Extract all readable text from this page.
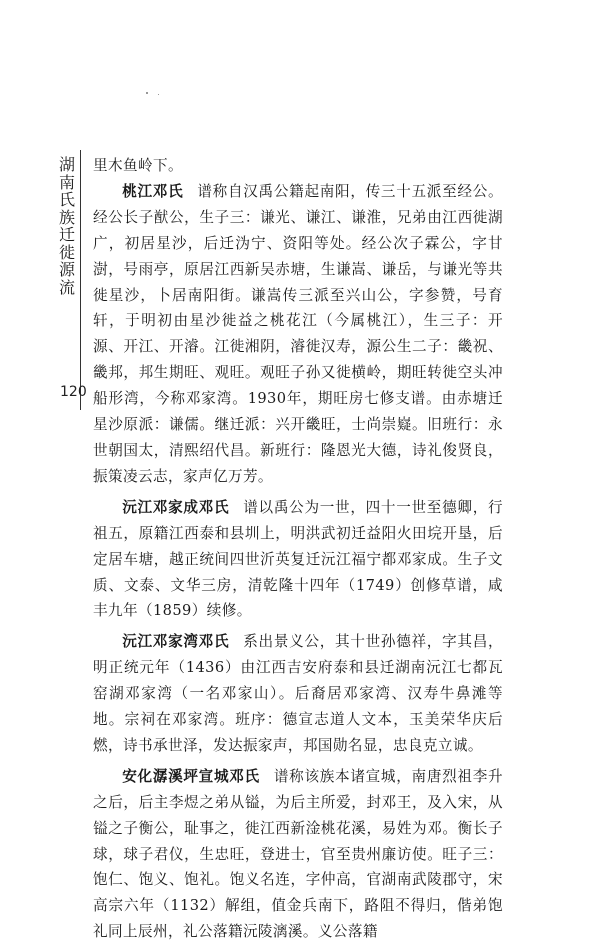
湖
南
氏
族
迁
徙
源
流
120

里木鱼岭下。

桃江邓氏 谱称自汉禹公籍起南阳，传三十五派至经公。经公长子猷公，生子三：谦光、谦江、谦淮，兄弟由江西徙湖广，初居星沙，后迁沩宁、资阳等处。经公次子霖公，字甘澍，号雨亭，原居江西新吴赤塘，生谦嵩、谦岳，与谦光等共徙星沙，卜居南阳街。谦嵩传三派至兴山公，字参赞，号育轩，于明初由星沙徙益之桃花江（今属桃江），生三子：开源、开江、开濬。江徙湘阴，濬徙汉寿，源公生二子：畿祝、畿邦，邦生期旺、观旺。观旺子孙又徙横岭，期旺转徙空头冲船形湾，今称邓家湾。1930年，期旺房七修支谱。由赤塘迁星沙原派：谦儒。继迁派：兴开畿旺，士尚崇嶷。旧班行：永世朝国太，清熙绍代昌。新班行：隆恩光大德，诗礼俊贤良，振策凌云志，家声亿万芳。

沅江邓家成邓氏 谱以禹公为一世，四十一世至德卿，行祖五，原籍江西泰和县圳上，明洪武初迁益阳火田垸开垦，后定居车塘，越正统间四世沂英复迁沅江福宁都邓家成。生子文质、文泰、文华三房，清乾隆十四年（1749）创修草谱，咸丰九年（1859）续修。

沅江邓家湾邓氏 系出景义公，其十世孙德祥，字其昌，明正统元年（1436）由江西吉安府泰和县迁湖南沅江七都瓦窑湖邓家湾（一名邓家山）。后裔居邓家湾、汉寿牛鼻滩等地。宗祠在邓家湾。班序：德宣志道人文本，玉美荣华庆后燃，诗书承世泽，发达振家声，邦国勋名显，忠良克立诚。

安化潺溪坪宣城邓氏 谱称该族本诸宣城，南唐烈祖李升之后，后主李煜之弟从镒，为后主所爱，封邓王，及入宋，从镒之子衡公，耻事之，徙江西新淦桃花溪，易姓为邓。衡长子球，球子君仪，生忠旺，登进士，官至贵州廉访使。旺子三：饱仁、饱义、饱礼。饱义名连，字仲高，官湖南武陵郡守，宋高宗六年（1132）解组，值金兵南下，路阻不得归，偕弟饱礼同上辰州，礼公落籍沅陵漓溪。义公落籍
